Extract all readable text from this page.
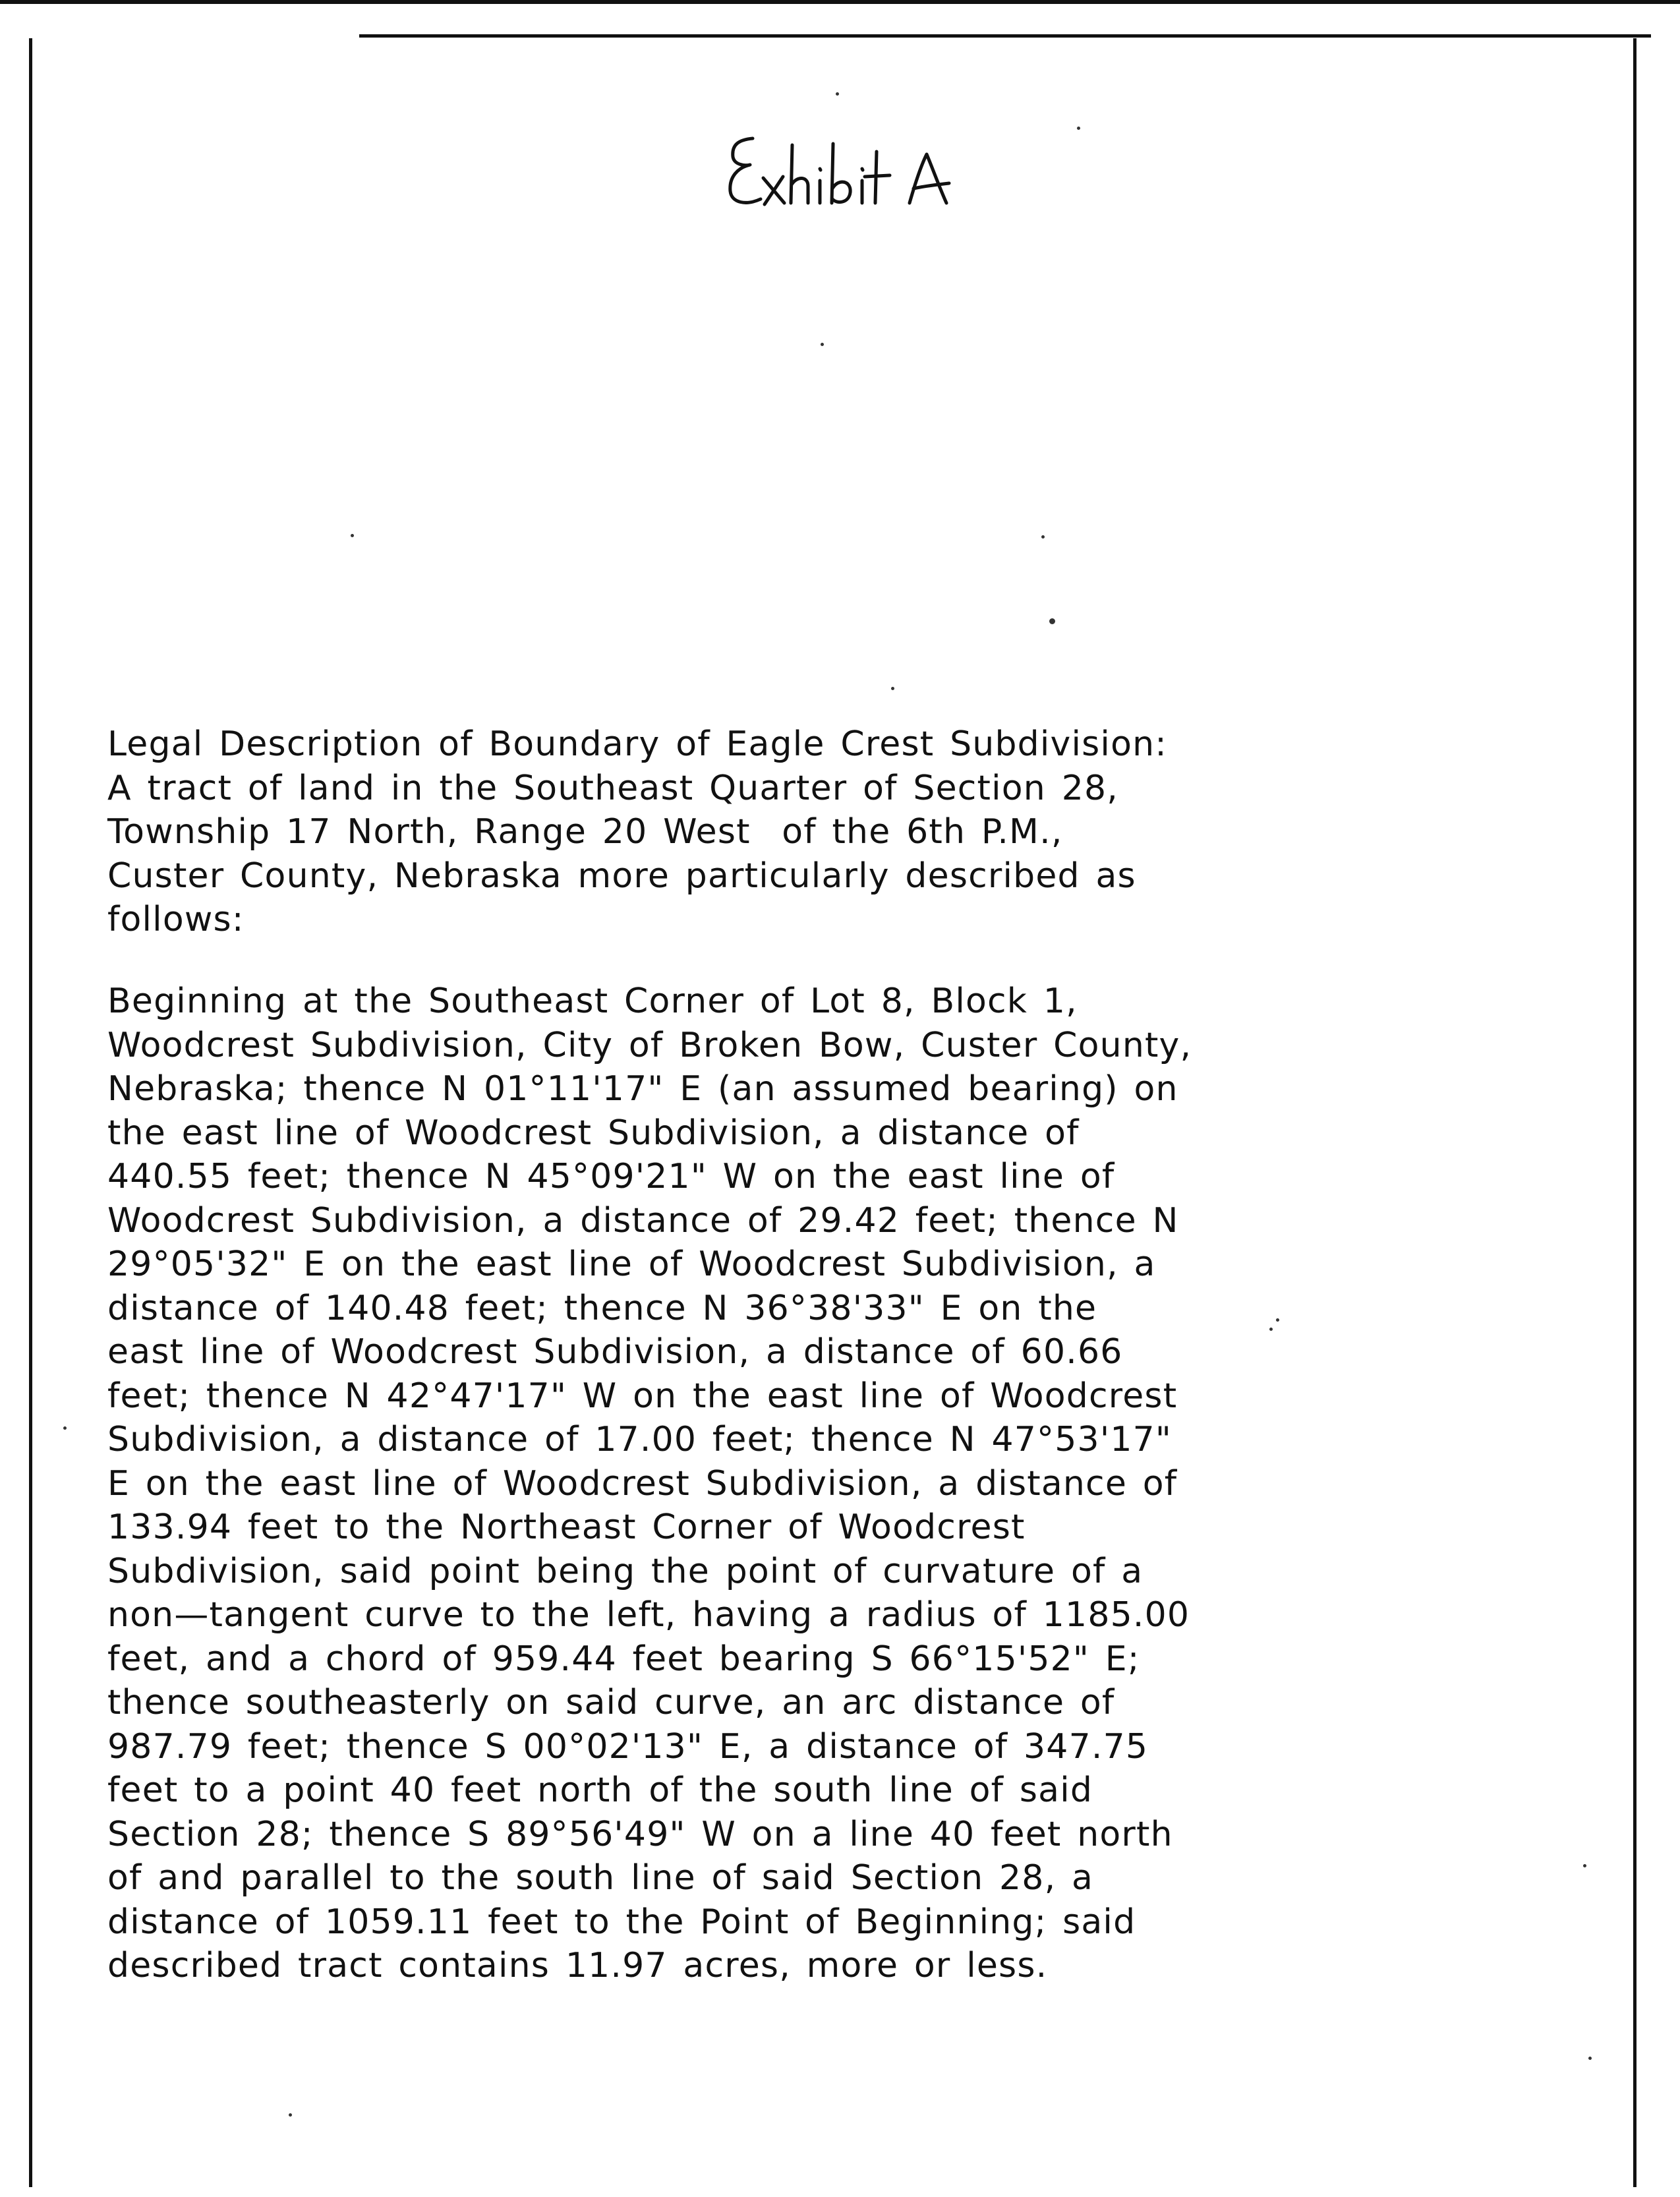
Legal Description of Boundary of Eagle Crest Subdivision:
A tract of land in the Southeast Quarter of Section 28,
Township 17 North, Range 20 West  of the 6th P.M.,
Custer County, Nebraska more particularly described as
follows:
Beginning at the Southeast Corner of Lot 8, Block 1,
Woodcrest Subdivision, City of Broken Bow, Custer County,
Nebraska; thence N 01°11'17" E (an assumed bearing) on
the east line of Woodcrest Subdivision, a distance of
440.55 feet; thence N 45°09'21" W on the east line of
Woodcrest Subdivision, a distance of 29.42 feet; thence N
29°05'32" E on the east line of Woodcrest Subdivision, a
distance of 140.48 feet; thence N 36°38'33" E on the
east line of Woodcrest Subdivision, a distance of 60.66
feet; thence N 42°47'17" W on the east line of Woodcrest
Subdivision, a distance of 17.00 feet; thence N 47°53'17"
E on the east line of Woodcrest Subdivision, a distance of
133.94 feet to the Northeast Corner of Woodcrest
Subdivision, said point being the point of curvature of a
non—tangent curve to the left, having a radius of 1185.00
feet, and a chord of 959.44 feet bearing S 66°15'52" E;
thence southeasterly on said curve, an arc distance of
987.79 feet; thence S 00°02'13" E, a distance of 347.75
feet to a point 40 feet north of the south line of said
Section 28; thence S 89°56'49" W on a line 40 feet north
of and parallel to the south line of said Section 28, a
distance of 1059.11 feet to the Point of Beginning; said
described tract contains 11.97 acres, more or less.
